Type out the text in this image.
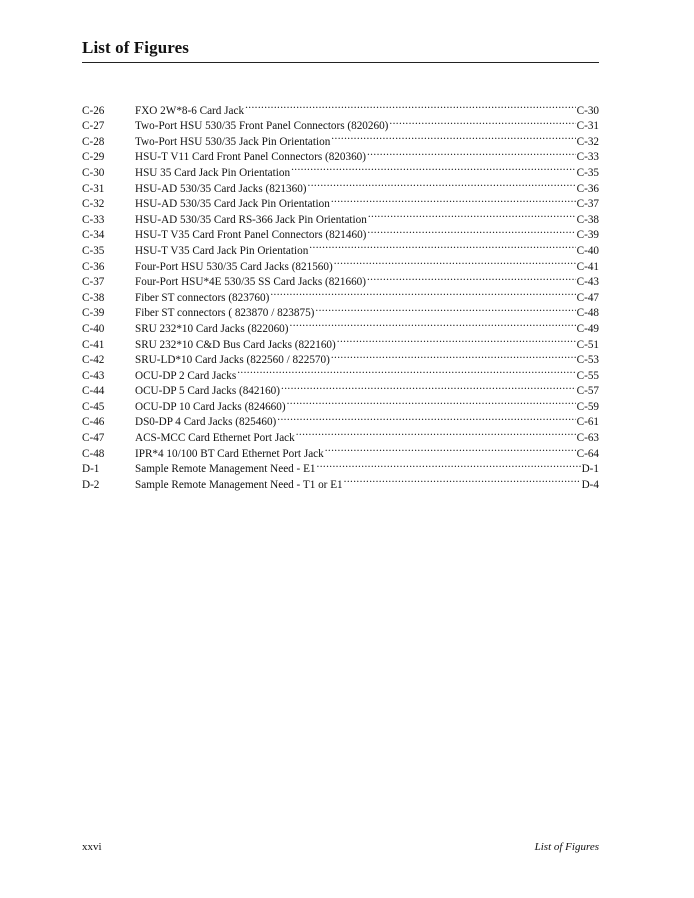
List of Figures
C-26	FXO 2W*8-6 Card Jack .....	C-30
C-27	Two-Port HSU 530/35 Front Panel Connectors (820260) .....	C-31
C-28	Two-Port HSU 530/35 Jack Pin Orientation .....	C-32
C-29	HSU-T V11 Card Front Panel Connectors (820360) .....	C-33
C-30	HSU 35 Card Jack Pin Orientation .....	C-35
C-31	HSU-AD 530/35 Card Jacks (821360) .....	C-36
C-32	HSU-AD 530/35 Card Jack Pin Orientation .....	C-37
C-33	HSU-AD 530/35 Card RS-366 Jack Pin Orientation .....	C-38
C-34	HSU-T V35 Card Front Panel Connectors (821460) .....	C-39
C-35	HSU-T V35 Card Jack Pin Orientation .....	C-40
C-36	Four-Port HSU 530/35 Card Jacks (821560) .....	C-41
C-37	Four-Port HSU*4E 530/35 SS Card Jacks (821660) .....	C-43
C-38	Fiber ST connectors (823760) .....	C-47
C-39	Fiber ST connectors ( 823870 / 823875) .....	C-48
C-40	SRU 232*10 Card Jacks (822060) .....	C-49
C-41	SRU 232*10 C&D Bus Card Jacks (822160) .....	C-51
C-42	SRU-LD*10 Card Jacks (822560 / 822570) .....	C-53
C-43	OCU-DP 2 Card Jacks .....	C-55
C-44	OCU-DP 5 Card Jacks (842160) .....	C-57
C-45	OCU-DP 10 Card Jacks (824660) .....	C-59
C-46	DS0-DP 4 Card Jacks (825460) .....	C-61
C-47	ACS-MCC Card Ethernet Port Jack .....	C-63
C-48	IPR*4 10/100 BT Card Ethernet Port Jack .....	C-64
D-1	Sample Remote Management Need - E1 .....	D-1
D-2	Sample Remote Management Need - T1 or E1 .....	D-4
xxvi	List of Figures
